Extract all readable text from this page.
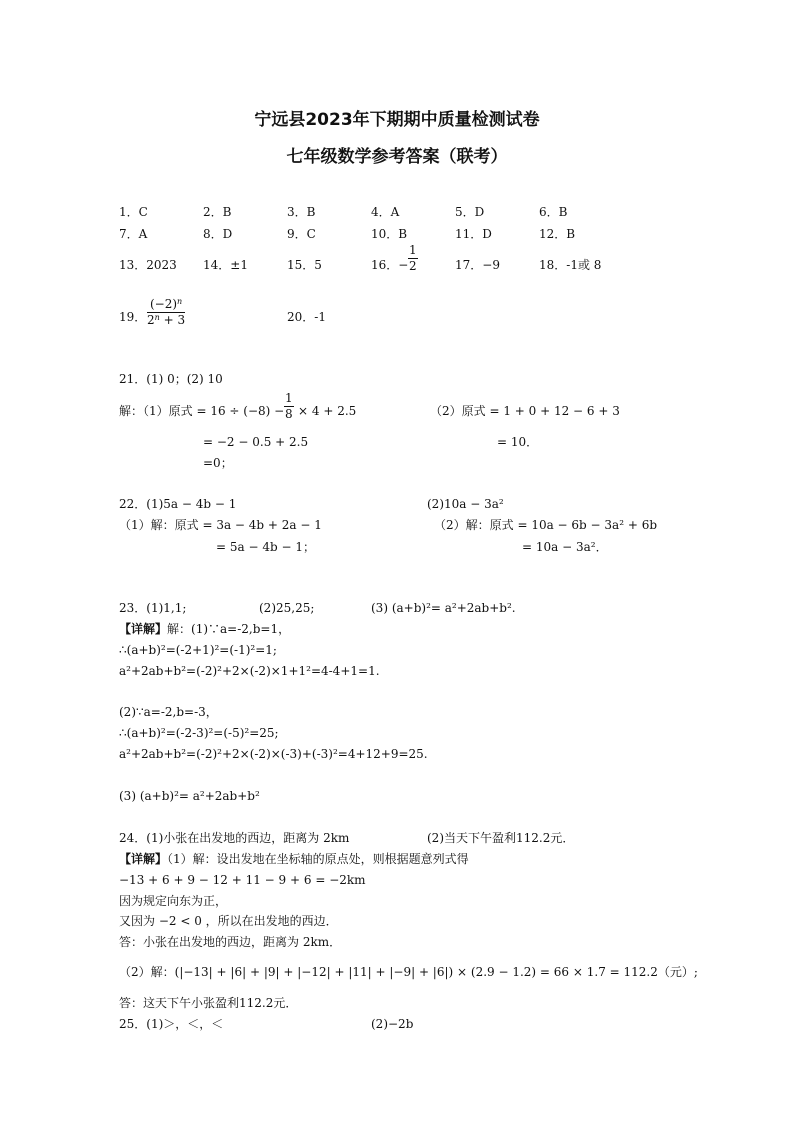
宁远县2023年下期期中质量检测试卷
七年级数学参考答案（联考）
1．C	2．B	3．B	4．A	5．D	6．B
7．A	8．D	9．C	10．B	11．D	12．B
13．2023 14．±1	15．5	16．− $\frac{1}{2}$	17．−9	18．-1或 8
19． $\frac{(-2)^n}{2^n + 3}$	20．-1
21．(1) 0；(2) 10
解：（1）原式 = $16 \div (-8) - \frac{1}{8} \times 4 + 2.5$
= −2 − 0.5 + 2.5
=0；
（2）原式 = 1 + 0 + 12 − 6 + 3
= 10．
22．(1)5a − 4b − 1	(2)10a − 3a²
（1）解：原式 = 3a − 4b + 2a − 1
= 5a − 4b − 1；
（2）解：原式 = 10a − 6b − 3a² + 6b
= 10a − 3a²．
23．(1)1,1;	(2)25,25;	(3) (a+b)²= a²+2ab+b².
【详解】解：(1)∵a=-2,b=1，
∴(a+b)²=(-2+1)²=(-1)²=1;
a²+2ab+b²=(-2)²+2×(-2)×1+1²=4-4+1=1.
(2)∵a=-2,b=-3，
∴(a+b)²=(-2-3)²=(-5)²=25;
a²+2ab+b²=(-2)²+2×(-2)×(-3)+(-3)²=4+12+9=25.
(3) (a+b)²= a²+2ab+b²
24．(1)小张在出发地的西边，距离为 2km	(2)当天下午盈利112.2元．
【详解】（1）解：设出发地在坐标轴的原点处，则根据题意列式得
−13 + 6 + 9 − 12 + 11 − 9 + 6 = −2km
因为规定向东为正，
又因为 −2 < 0 ，所以在出发地的西边．
答：小张在出发地的西边，距离为 2km．
（2）解：(|−13| + |6| + |9| + |−12| + |11| + |−9| + |6|) × (2.9 − 1.2) = 66 × 1.7 = 112.2（元）;
答：这天下午小张盈利112.2元．
25．(1)＞，＜，＜	(2)−2b
